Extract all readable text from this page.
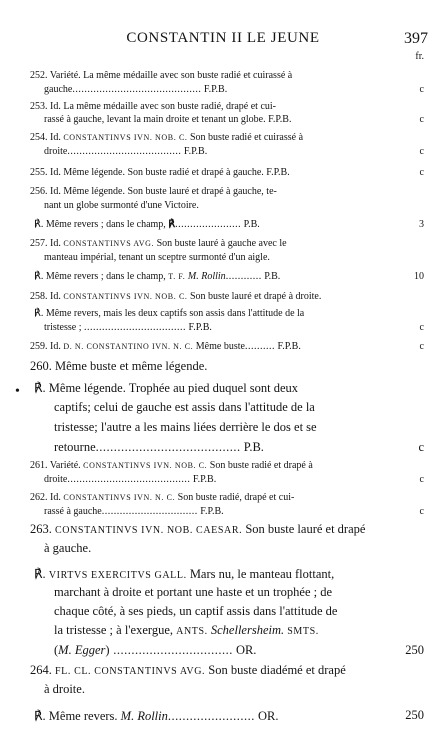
CONSTANTIN II LE JEUNE	397
fr.
•
252. Variété. La même médaille avec son buste radié et cuirassé à
gauche........................................... F.P.B.	c
253. Id. La même médaille avec son buste radié, drapé et cui-
rassé à gauche, levant la main droite et tenant un globe. F.P.B.	c
254. Id. CONSTANTINVS IVN. NOB. C. Son buste radié et cuirassé à
droite...................................... F.P.B.	c
255. Id. Même légende. Son buste radié et drapé à gauche. F.P.B.	c
256. Id. Même légende. Son buste lauré et drapé à gauche, te-
nant un globe surmonté d'une Victoire.
℟. Même revers ; dans le champ, ℟...................... P.B.	3
257. Id. CONSTANTINVS AVG. Son buste lauré à gauche avec le
manteau impérial, tenant un sceptre surmonté d'un aigle.
℟. Même revers ; dans le champ, T. F. M. Rollin............ P.B.	10
258. Id. CONSTANTINVS IVN. NOB. C. Son buste lauré et drapé à droite.
℟. Même revers, mais les deux captifs son assis dans l'attitude de la
tristesse ; .................................. F.P.B.	c
259. Id. D. N. CONSTANTINO IVN. N. C. Même buste.......... F.P.B.	c
260. Même buste et même légende.
℟. Même légende. Trophée au pied duquel sont deux
captifs; celui de gauche est assis dans l'attitude de la
tristesse; l'autre a les mains liées derrière le dos et se
retourne........................................ P.B.	c
261. Variété. CONSTANTINVS IVN. NOB. C. Son buste radié et drapé à
droite......................................... F.P.B.	c
262. Id. CONSTANTINVS IVN. N. C. Son buste radié, drapé et cui-
rassé à gauche................................ F.P.B.	c
263. CONSTANTINVS IVN. NOB. CAESAR. Son buste lauré et drapé
à gauche.
℟. VIRTVS EXERCITVS GALL. Mars nu, le manteau flottant,
marchant à droite et portant une haste et un trophée ; de
chaque côté, à ses pieds, un captif assis dans l'attitude de
la tristesse ; à l'exergue, ANTS. Schellersheim. SMTS.
(M. Egger) ................................. OR.	250
264. FL. CL. CONSTANTINVS AVG. Son buste diadémé et drapé
à droite.
℟. Même revers. M. Rollin........................ OR.	250
